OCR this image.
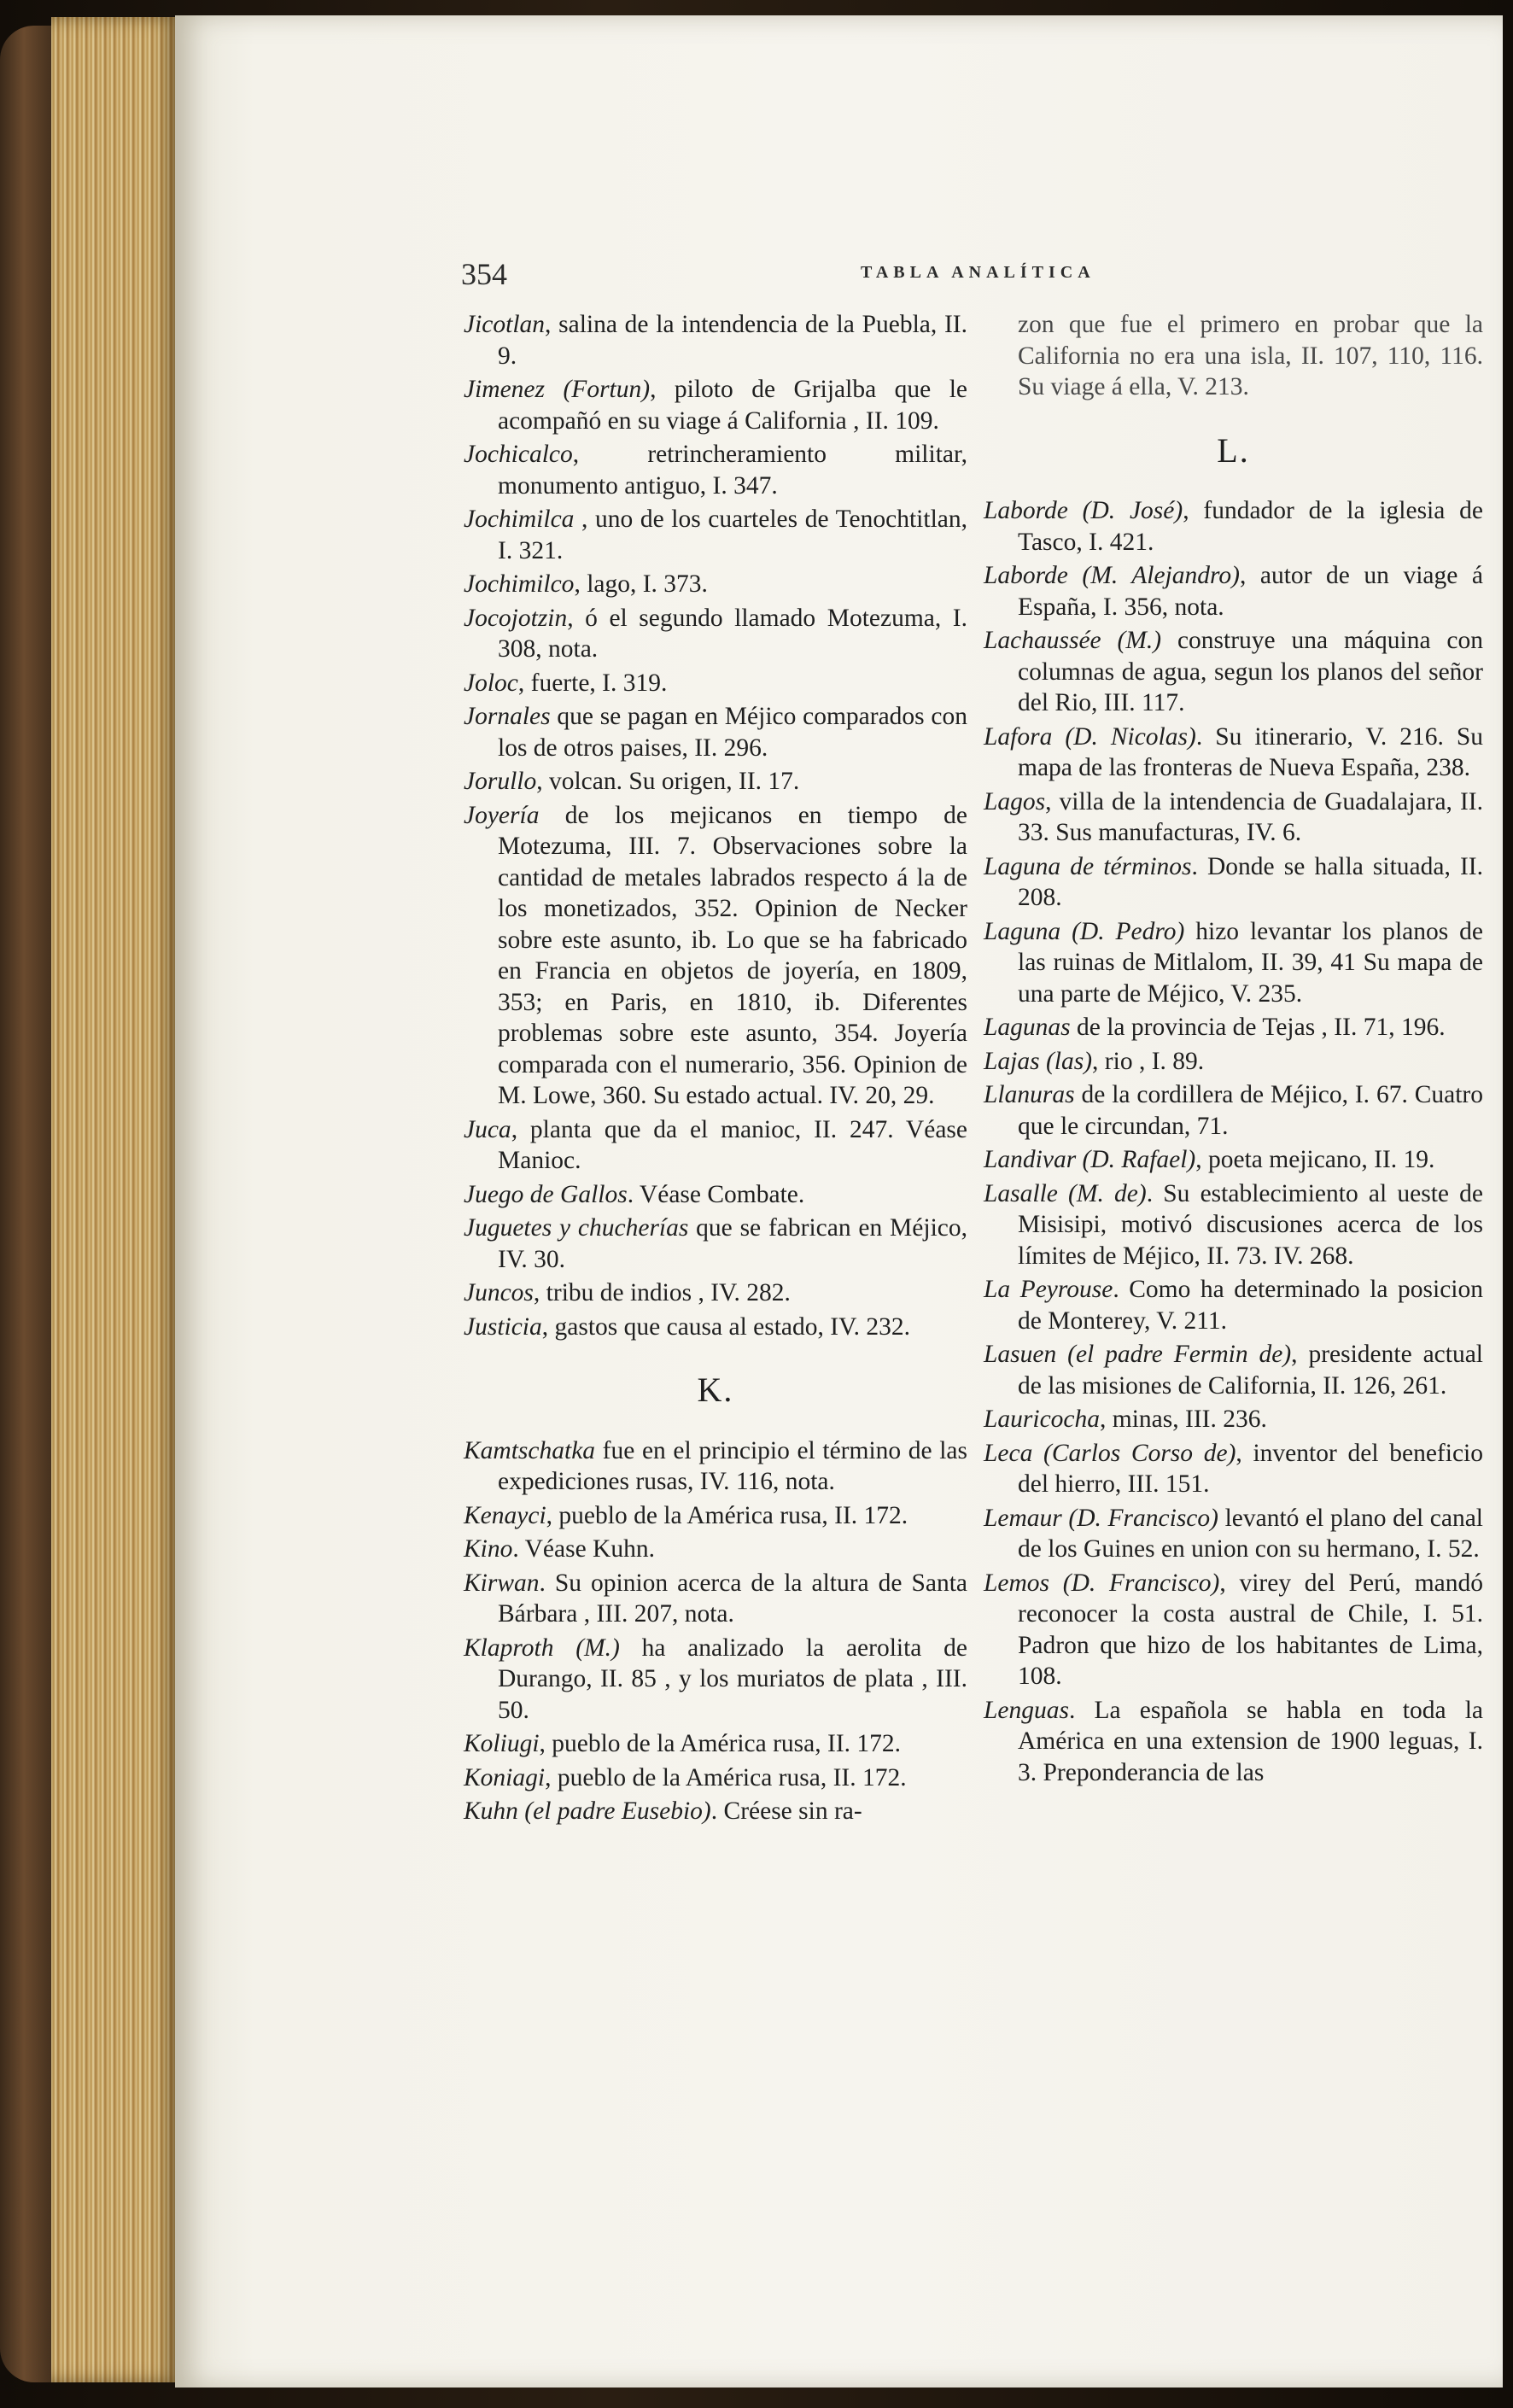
354	TABLA ANALÍTICA

Jicotlan, salina de la intendencia de la Puebla, II. 9.

Jimenez (Fortun), piloto de Grijalba que le acompañó en su viage á California , II. 109.

Jochicalco, retrincheramiento militar, monumento antiguo, I. 347.

Jochimilca , uno de los cuarteles de Tenochtitlan, I. 321.

Jochimilco, lago, I. 373.

Jocojotzin, ó el segundo llamado Motezuma, I. 308, nota.

Joloc, fuerte, I. 319.

Jornales que se pagan en Méjico comparados con los de otros paises, II. 296.

Jorullo, volcan. Su origen, II. 17.

Joyería de los mejicanos en tiempo de Motezuma, III. 7. Observaciones sobre la cantidad de metales labrados respecto á la de los monetizados, 352. Opinion de Necker sobre este asunto, ib. Lo que se ha fabricado en Francia en objetos de joyería, en 1809, 353; en Paris, en 1810, ib. Diferentes problemas sobre este asunto, 354. Joyería comparada con el numerario, 356. Opinion de M. Lowe, 360. Su estado actual. IV. 20, 29.

Juca, planta que da el manioc, II. 247. Véase Manioc.

Juego de Gallos. Véase Combate.

Juguetes y chucherías que se fabrican en Méjico, IV. 30.

Juncos, tribu de indios , IV. 282.

Justicia, gastos que causa al estado, IV. 232.

K.

Kamtschatka fue en el principio el término de las expediciones rusas, IV. 116, nota.

Kenayci, pueblo de la América rusa, II. 172.

Kino. Véase Kuhn.

Kirwan. Su opinion acerca de la altura de Santa Bárbara , III. 207, nota.

Klaproth (M.) ha analizado la aerolita de Durango, II. 85 , y los muriatos de plata , III. 50.

Koliugi, pueblo de la América rusa, II. 172.

Koniagi, pueblo de la América rusa, II. 172.

Kuhn (el padre Eusebio). Créese sin ra-

zon que fue el primero en probar que la California no era una isla, II. 107, 110, 116. Su viage á ella, V. 213.

L.

Laborde (D. José), fundador de la iglesia de Tasco, I. 421.

Laborde (M. Alejandro), autor de un viage á España, I. 356, nota.

Lachaussée (M.) construye una máquina con columnas de agua, segun los planos del señor del Rio, III. 117.

Lafora (D. Nicolas). Su itinerario, V. 216. Su mapa de las fronteras de Nueva España, 238.

Lagos, villa de la intendencia de Guadalajara, II. 33. Sus manufacturas, IV. 6.

Laguna de términos. Donde se halla situada, II. 208.

Laguna (D. Pedro) hizo levantar los planos de las ruinas de Mitlalom, II. 39, 41 Su mapa de una parte de Méjico, V. 235.

Lagunas de la provincia de Tejas , II. 71, 196.

Lajas (las), rio , I. 89.

Llanuras de la cordillera de Méjico, I. 67. Cuatro que le circundan, 71.

Landivar (D. Rafael), poeta mejicano, II. 19.

Lasalle (M. de). Su establecimiento al ueste de Misisipi, motivó discusiones acerca de los límites de Méjico, II. 73. IV. 268.

La Peyrouse. Como ha determinado la posicion de Monterey, V. 211.

Lasuen (el padre Fermin de), presidente actual de las misiones de California, II. 126, 261.

Lauricocha, minas, III. 236.

Leca (Carlos Corso de), inventor del beneficio del hierro, III. 151.

Lemaur (D. Francisco) levantó el plano del canal de los Guines en union con su hermano, I. 52.

Lemos (D. Francisco), virey del Perú, mandó reconocer la costa austral de Chile, I. 51. Padron que hizo de los habitantes de Lima, 108.

Lenguas. La española se habla en toda la América en una extension de 1900 leguas, I. 3. Preponderancia de las
